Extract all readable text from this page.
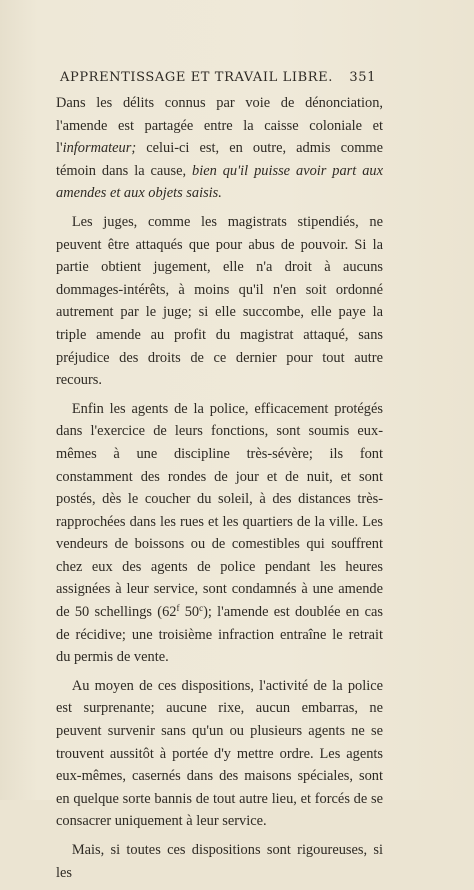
APPRENTISSAGE ET TRAVAIL LIBRE. 351

Dans les délits connus par voie de dénonciation, l'amende est partagée entre la caisse coloniale et l'informateur; celui-ci est, en outre, admis comme témoin dans la cause, bien qu'il puisse avoir part aux amendes et aux objets saisis.

Les juges, comme les magistrats stipendiés, ne peuvent être attaqués que pour abus de pouvoir. Si la partie obtient jugement, elle n'a droit à aucuns dommages-intérêts, à moins qu'il n'en soit ordonné autrement par le juge; si elle succombe, elle paye la triple amende au profit du magistrat attaqué, sans préjudice des droits de ce dernier pour tout autre recours.

Enfin les agents de la police, efficacement protégés dans l'exercice de leurs fonctions, sont soumis eux-mêmes à une discipline très-sévère; ils font constamment des rondes de jour et de nuit, et sont postés, dès le coucher du soleil, à des distances très-rapprochées dans les rues et les quartiers de la ville. Les vendeurs de boissons ou de comestibles qui souffrent chez eux des agents de police pendant les heures assignées à leur service, sont condamnés à une amende de 50 schellings (62$^f$ 50$^c$); l'amende est doublée en cas de récidive; une troisième infraction entraîne le retrait du permis de vente.

Au moyen de ces dispositions, l'activité de la police est surprenante; aucune rixe, aucun embarras, ne peuvent survenir sans qu'un ou plusieurs agents ne se trouvent aussitôt à portée d'y mettre ordre. Les agents eux-mêmes, casernés dans des maisons spéciales, sont en quelque sorte bannis de tout autre lieu, et forcés de se consacrer uniquement à leur service.

Mais, si toutes ces dispositions sont rigoureuses, si les
